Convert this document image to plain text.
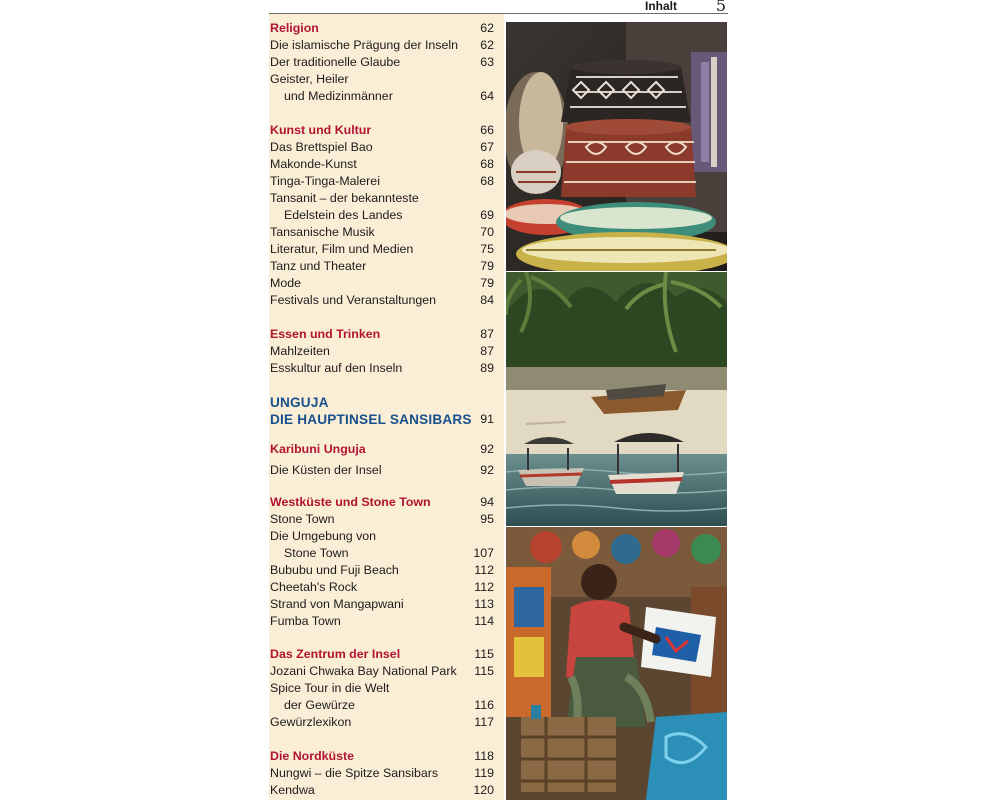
Inhalt 5
Religion	62
Die islamische Prägung der Inseln 62
Der traditionelle Glaube	63
Geister, Heiler
und Medizinmänner	64
Kunst und Kultur	66
Das Brettspiel Bao	67
Makonde-Kunst	68
Tinga-Tinga-Malerei	68
Tansanit – der bekannteste
Edelstein des Landes	69
Tansanische Musik	70
Literatur, Film und Medien	75
Tanz und Theater	79
Mode	79
Festivals und Veranstaltungen	84
Essen und Trinken	87
Mahlzeiten	87
Esskultur auf den Inseln	89
UNGUJA
DIE HAUPTINSEL SANSIBARS 91
Karibuni Unguja	92
Die Küsten der Insel	92
Westküste und Stone Town	94
Stone Town	95
Die Umgebung von
Stone Town	107
Bububu und Fuji Beach	112
Cheetah's Rock	112
Strand von Mangapwani	113
Fumba Town	114
Das Zentrum der Insel	115
Jozani Chwaka Bay National Park 115
Spice Tour in die Welt
der Gewürze	116
Gewürzlexikon	117
Die Nordküste	118
Nungwi – die Spitze Sansibars	119
Kendwa	120
